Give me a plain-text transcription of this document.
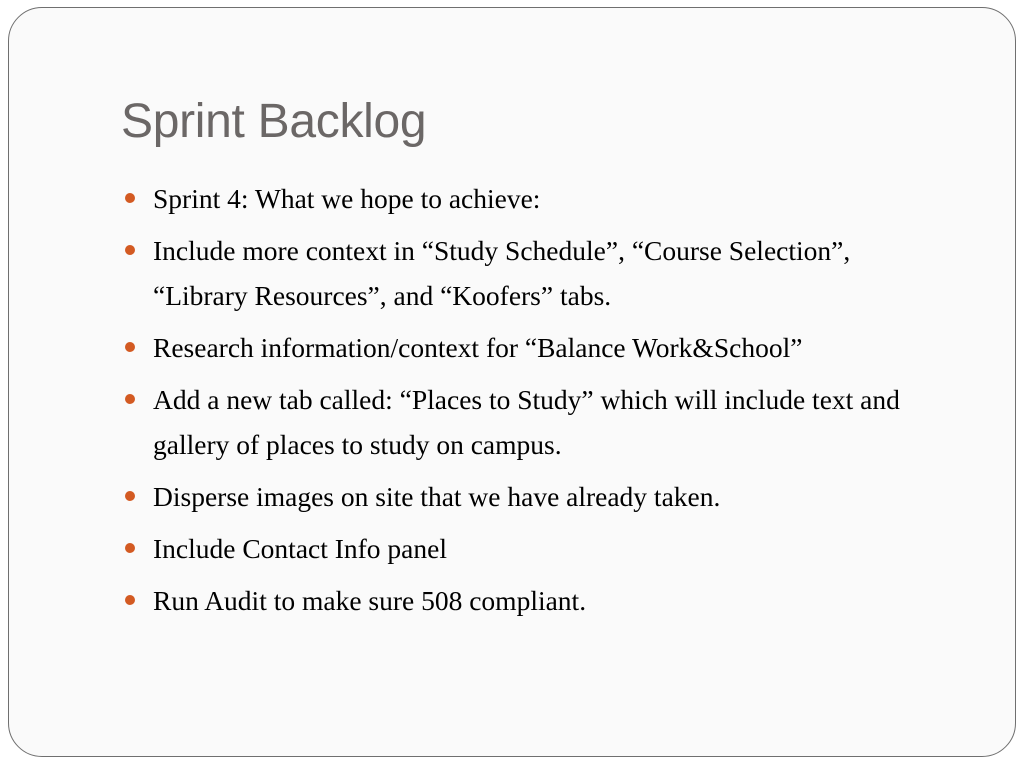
Sprint Backlog
Sprint 4: What we hope to achieve:
Include more context in “Study Schedule”, “Course Selection”, “Library Resources”, and “Koofers” tabs.
Research information/context for “Balance Work&School”
Add a new tab called: “Places to Study” which will include text and gallery of places to study on campus.
Disperse images on site that we have already taken.
Include Contact Info panel
Run Audit to make sure 508 compliant.
